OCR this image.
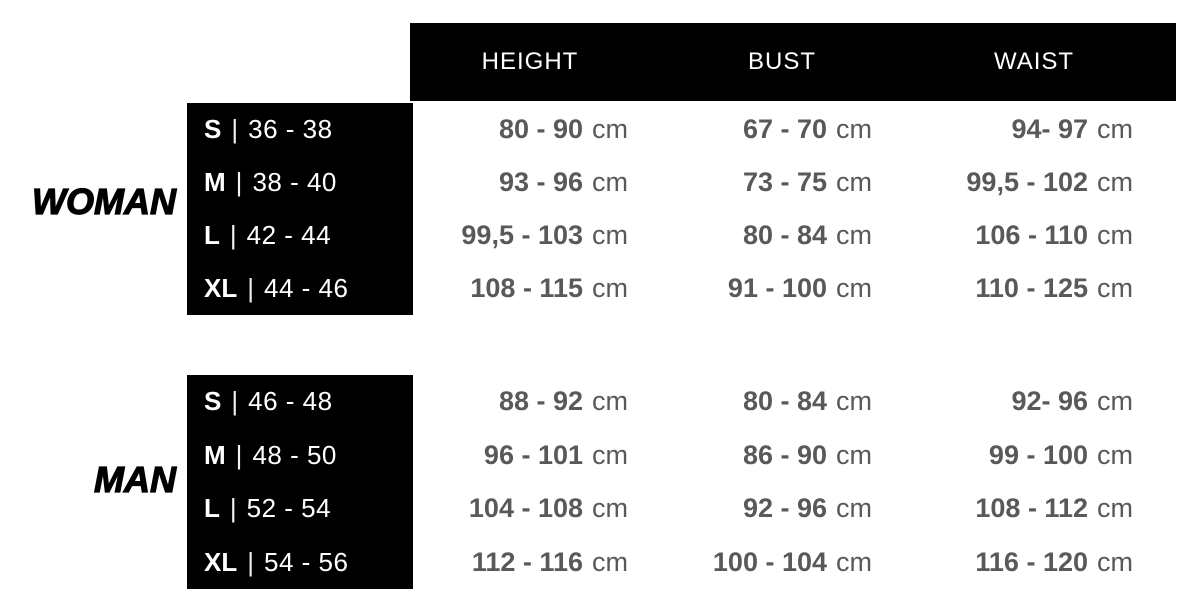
HEIGHT	BUST	WAIST
WOMAN
MAN
S | 36 - 38
M | 38 - 40
L | 42 - 44
XL | 44 - 46
80 - 90 cm
93 - 96 cm
99,5 - 103 cm
108 - 115 cm
67 - 70 cm
73 - 75 cm
80 - 84 cm
91 - 100 cm
94- 97 cm
99,5 - 102 cm
106 - 110 cm
110 - 125 cm
S | 46 - 48
M | 48 - 50
L | 52 - 54
XL | 54 - 56
88 - 92 cm
96 - 101 cm
104 - 108 cm
112 - 116 cm
80 - 84 cm
86 - 90 cm
92 - 96 cm
100 - 104 cm
92- 96 cm
99 - 100 cm
108 - 112 cm
116 - 120 cm
